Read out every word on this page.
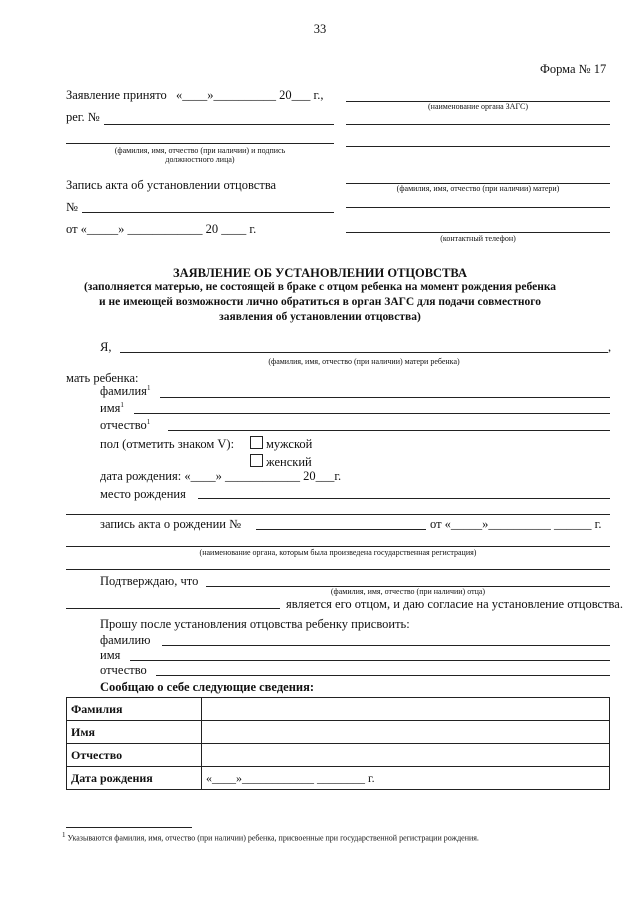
33
Форма № 17
Заявление принято «____»__________ 20___ г.,
рег. №
(фамилия, имя, отчество (при наличии) и подпись
должностного лица)
Запись акта об установлении отцовства
№
от «_____» ____________ 20 ____ г.
(наименование органа ЗАГС)
(фамилия, имя, отчество (при наличии) матери)
(контактный телефон)
ЗАЯВЛЕНИЕ ОБ УСТАНОВЛЕНИИ ОТЦОВСТВА
(заполняется матерью, не состоящей в браке с отцом ребенка на момент рождения ребенка
и не имеющей возможности лично обратиться в орган ЗАГС для подачи совместного
заявления об установлении отцовства)
Я,	,
(фамилия, имя, отчество (при наличии) матери ребенка)
мать ребенка:
фамилия$^1$
имя$^1$
отчество$^1$
пол (отметить знаком V):	мужской
женский
дата рождения: «____» ____________ 20___г.
место рождения
запись акта о рождении №	от «_____»__________ ______ г.
(наименование органа, которым была произведена государственная регистрация)
Подтверждаю, что
(фамилия, имя, отчество (при наличии) отца)
является его отцом, и даю согласие на установление отцовства.
Прошу после установления отцовства ребенку присвоить:
фамилию
имя
отчество
Сообщаю о себе следующие сведения:
Фамилия	
Имя	
Отчество	
Дата рождения	«____»____________ ________ г.
$^1$ Указываются фамилия, имя, отчество (при наличии) ребенка, присвоенные при государственной регистрации рождения.
